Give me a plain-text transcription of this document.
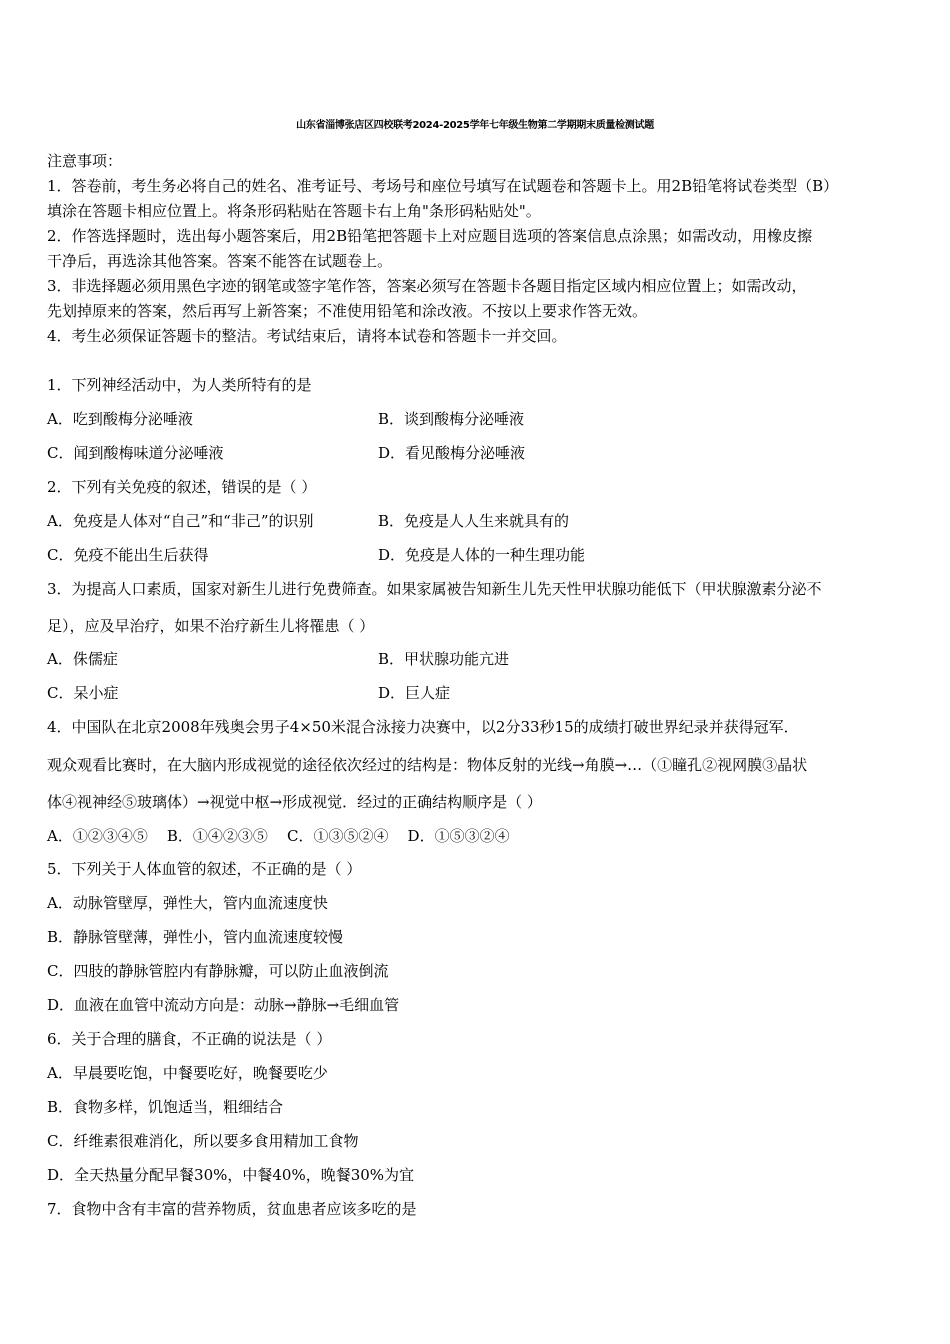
山东省淄博张店区四校联考2024-2025学年七年级生物第二学期期末质量检测试题
注意事项：
1．答卷前，考生务必将自己的姓名、准考证号、考场号和座位号填写在试题卷和答题卡上。用2B铅笔将试卷类型（B）
填涂在答题卡相应位置上。将条形码粘贴在答题卡右上角"条形码粘贴处"。
2．作答选择题时，选出每小题答案后，用2B铅笔把答题卡上对应题目选项的答案信息点涂黑；如需改动，用橡皮擦
干净后，再选涂其他答案。答案不能答在试题卷上。
3．非选择题必须用黑色字迹的钢笔或签字笔作答，答案必须写在答题卡各题目指定区域内相应位置上；如需改动，
先划掉原来的答案，然后再写上新答案；不准使用铅笔和涂改液。不按以上要求作答无效。
4．考生必须保证答题卡的整洁。考试结束后，请将本试卷和答题卡一并交回。
1．下列神经活动中，为人类所特有的是
A．吃到酸梅分泌唾液	B．谈到酸梅分泌唾液
C．闻到酸梅味道分泌唾液	D．看见酸梅分泌唾液
2．下列有关免疫的叙述，错误的是（ ）
A．免疫是人体对“自己”和“非己”的识别	B．免疫是人人生来就具有的
C．免疫不能出生后获得	D．免疫是人体的一种生理功能
3．为提高人口素质，国家对新生儿进行免费筛查。如果家属被告知新生儿先天性甲状腺功能低下（甲状腺激素分泌不
足），应及早治疗，如果不治疗新生儿将罹患（ ）
A．侏儒症	B．甲状腺功能亢进
C．呆小症	D．巨人症
4．中国队在北京2008年残奥会男子4×50米混合泳接力决赛中，以2分33秒15的成绩打破世界纪录并获得冠军．
观众观看比赛时，在大脑内形成视觉的途径依次经过的结构是：物体反射的光线→角膜→…（①瞳孔②视网膜③晶状
体④视神经⑤玻璃体）→视觉中枢→形成视觉．经过的正确结构顺序是（ ）
A．①②③④⑤    B．①④②③⑤    C．①③⑤②④    D．①⑤③②④
5．下列关于人体血管的叙述，不正确的是（ ）
A．动脉管壁厚，弹性大，管内血流速度快
B．静脉管壁薄，弹性小，管内血流速度较慢
C．四肢的静脉管腔内有静脉瓣，可以防止血液倒流
D．血液在血管中流动方向是：动脉→静脉→毛细血管
6．关于合理的膳食，不正确的说法是（ ）
A．早晨要吃饱，中餐要吃好，晚餐要吃少
B．食物多样，饥饱适当，粗细结合
C．纤维素很难消化，所以要多食用精加工食物
D．全天热量分配早餐30%，中餐40%，晚餐30%为宜
7．食物中含有丰富的营养物质，贫血患者应该多吃的是
